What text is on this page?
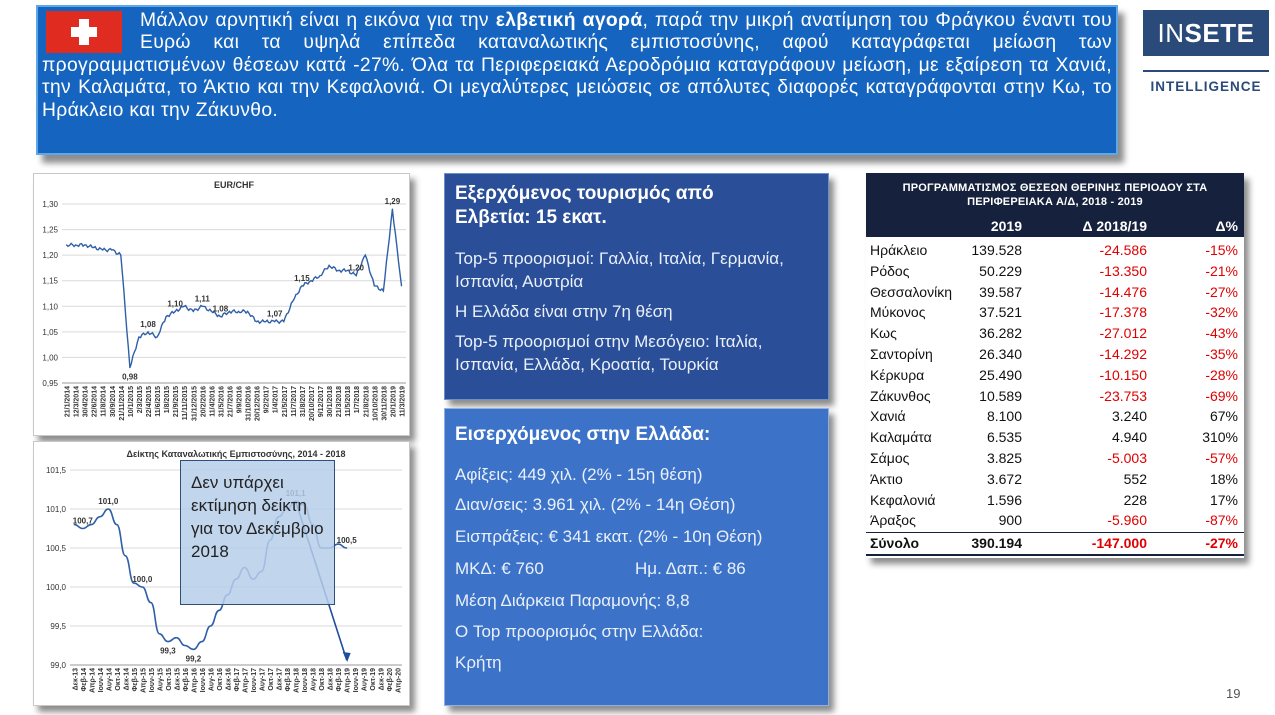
Μάλλον αρνητική είναι η εικόνα για την ελβετική αγορά, παρά την μικρή ανατίμηση του Φράγκου έναντι του Ευρώ και τα υψηλά επίπεδα καταναλωτικής εμπιστοσύνης, αφού καταγράφεται μείωση των προγραμματισμένων θέσεων κατά -27%. Όλα τα Περιφερειακά Αεροδρόμια καταγράφουν μείωση, με εξαίρεση τα Χανιά, την Καλαμάτα, το Άκτιο και την Κεφαλονιά. Οι μεγαλύτερες μειώσεις σε απόλυτες διαφορές καταγράφονται στην Κω, το Ηράκλειο και την Ζάκυνθο.
INSETE
INTELLIGENCE
EUR/CHF
0,95
1,00
1,05
1,10
1,15
1,20
1,25
1,30
21/1/2014 12/3/2014 30/4/2014 22/6/2014 11/8/2014 30/9/2014 21/11/2014 10/1/2015 2/3/2015 22/4/2015 11/6/2015 1/8/2015 21/9/2015 11/11/2015 31/12/2015 20/2/2016 11/4/2016 31/5/2016 21/7/2016 9/9/2016 31/10/2016 20/12/2016 9/2/2017 1/4/2017 21/5/2017 11/7/2017 31/8/2017 20/10/2017 9/12/2017 30/1/2018 21/3/2018 11/5/2018 1/7/2018 21/8/2018 10/10/2018 30/11/2018 20/1/2019 11/3/2019
0,98
1,08
1,10
1,11
1,08
1,07
1,15
1,20
1,29
Δείκτης Καταναλωτικής Εμπιστοσύνης, 2014 - 2018
99,0
99,5
100,0
100,5
101,0
101,5
Δεκ-13 Φεβ-14 Απρ-14 Ιουν-14 Αυγ-14 Οκτ-14 Δεκ-14 Φεβ-15 Απρ-15 Ιουν-15 Αυγ-15 Οκτ-15 Δεκ-15 Φεβ-16 Απρ-16 Ιουν-16 Αυγ-16 Οκτ-16 Δεκ-16 Φεβ-17 Απρ-17 Ιουν-17 Αυγ-17 Οκτ-17 Δεκ-17 Φεβ-18 Απρ-18 Ιουν-18 Αυγ-18 Οκτ-18 Δεκ-18 Φεβ-19 Απρ-19 Ιουν-19 Αυγ-19 Οκτ-19 Δεκ-19 Φεβ-20 Απρ-20
100,7
101,0
100,0
99,3
99,2
100,5
Δεν υπάρχει εκτίμηση δείκτη για τον Δεκέμβριο 2018
Εξερχόμενος τουρισμός από Ελβετία: 15 εκατ.
Top-5 προορισμοί: Γαλλία, Ιταλία, Γερμανία, Ισπανία, Αυστρία
Η Ελλάδα είναι στην 7η θέση
Top-5 προορισμοί στην Μεσόγειο: Ιταλία, Ισπανία, Ελλάδα, Κροατία, Τουρκία
Εισερχόμενος στην Ελλάδα:
Αφίξεις: 449 χιλ. (2% - 15η θέση)
Διαν/σεις: 3.961 χιλ. (2% - 14η Θέση)
Εισπράξεις: € 341 εκατ. (2% - 10η Θέση)
ΜΚΔ: € 760	Ημ. Δαπ.: € 86
Μέση Διάρκεια Παραμονής: 8,8
Ο Top προορισμός στην Ελλάδα:
Κρήτη
ΠΡΟΓΡΑΜΜΑΤΙΣΜΟΣ ΘΕΣΕΩΝ ΘΕΡΙΝΗΣ ΠΕΡΙΟΔΟΥ ΣΤΑ ΠΕΡΙΦΕΡΕΙΑΚΑ Α/Δ, 2018 - 2019
2019	Δ 2018/19	Δ%
Ηράκλειο	139.528	-24.586	-15%
Ρόδος	50.229	-13.350	-21%
Θεσσαλονίκη 39.587	-14.476	-27%
Μύκονος	37.521	-17.378	-32%
Κως	36.282	-27.012	-43%
Σαντορίνη	26.340	-14.292	-35%
Κέρκυρα	25.490	-10.150	-28%
Ζάκυνθος	10.589	-23.753	-69%
Χανιά	8.100	3.240	67%
Καλαμάτα	6.535	4.940	310%
Σάμος	3.825	-5.003	-57%
Άκτιο	3.672	552	18%
Κεφαλονιά	1.596	228	17%
Άραξος	900	-5.960	-87%
Σύνολο	390.194	-147.000	-27%
19
